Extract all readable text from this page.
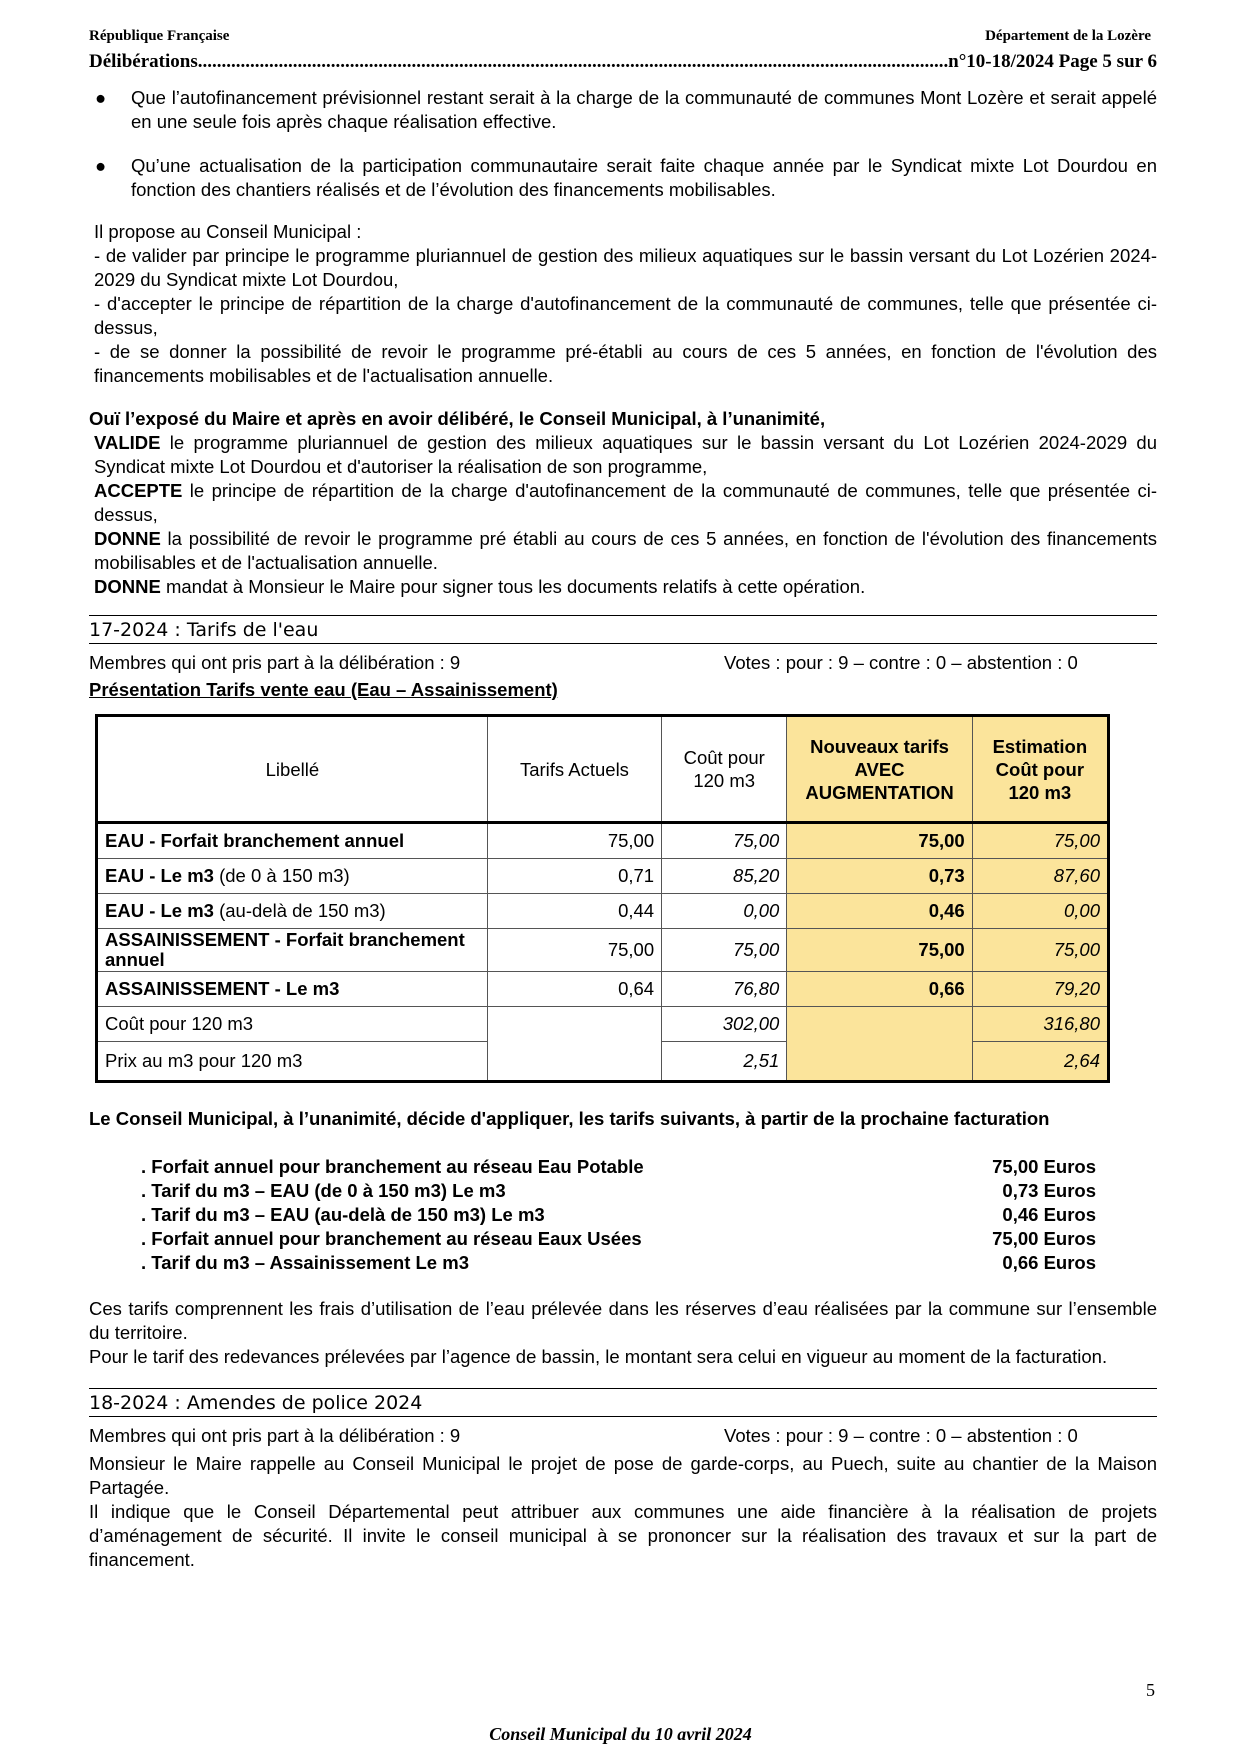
République Française	Département de la Lozère
Délibérations .....	n°10-18/2024 Page 5 sur 6
● Que l’autofinancement prévisionnel restant serait à la charge de la communauté de communes Mont Lozère et serait appelé en une seule fois après chaque réalisation effective.
● Qu’une actualisation de la participation communautaire serait faite chaque année par le Syndicat mixte Lot Dourdou en fonction des chantiers réalisés et de l’évolution des financements mobilisables.

Il propose au Conseil Municipal :

- de valider par principe le programme pluriannuel de gestion des milieux aquatiques sur le bassin versant du Lot Lozérien 2024-2029 du Syndicat mixte Lot Dourdou,

- d'accepter le principe de répartition de la charge d'autofinancement de la communauté de communes, telle que présentée ci-dessus,

- de se donner la possibilité de revoir le programme pré-établi au cours de ces 5 années, en fonction de l'évolution des financements mobilisables et de l'actualisation annuelle.

Ouï l’exposé du Maire et après en avoir délibéré, le Conseil Municipal, à l’unanimité,

VALIDE le programme pluriannuel de gestion des milieux aquatiques sur le bassin versant du Lot Lozérien 2024-2029 du Syndicat mixte Lot Dourdou et d'autoriser la réalisation de son programme,

ACCEPTE le principe de répartition de la charge d'autofinancement de la communauté de communes, telle que présentée ci-dessus,

DONNE la possibilité de revoir le programme pré établi au cours de ces 5 années, en fonction de l'évolution des financements mobilisables et de l'actualisation annuelle.

DONNE mandat à Monsieur le Maire pour signer tous les documents relatifs à cette opération.

17-2024 : Tarifs de l'eau
Membres qui ont pris part à la délibération : 9	Votes : pour : 9 – contre : 0 – abstention : 0
Présentation Tarifs vente eau (Eau – Assainissement)
Libellé	Tarifs Actuels	Coût pour 120 m3	Nouveaux tarifs AVEC AUGMENTATION	Estimation Coût pour 120 m3
EAU - Forfait branchement annuel	75,00	75,00	75,00	75,00
EAU - Le m3 (de 0 à 150 m3)	0,71	85,20	0,73	87,60
EAU - Le m3 (au-delà de 150 m3)	0,44	0,00	0,46	0,00
ASSAINISSEMENT - Forfait branchement annuel	75,00	75,00	75,00	75,00
ASSAINISSEMENT - Le m3	0,64	76,80	0,66	79,20
Coût pour 120 m3		302,00		316,80
Prix au m3 pour 120 m3		2,51		2,64

Le Conseil Municipal, à l’unanimité, décide d'appliquer, les tarifs suivants, à partir de la prochaine facturation

. Forfait annuel pour branchement au réseau Eau Potable	75,00 Euros
. Tarif du m3 – EAU (de 0 à 150 m3) Le m3	0,73 Euros
. Tarif du m3 – EAU (au-delà de 150 m3) Le m3	0,46 Euros
. Forfait annuel pour branchement au réseau Eaux Usées	75,00 Euros
. Tarif du m3 – Assainissement Le m3	0,66 Euros

Ces tarifs comprennent les frais d’utilisation de l’eau prélevée dans les réserves d’eau réalisées par la commune sur l’ensemble du territoire.

Pour le tarif des redevances prélevées par l’agence de bassin, le montant sera celui en vigueur au moment de la facturation.

18-2024 : Amendes de police 2024
Membres qui ont pris part à la délibération : 9	Votes : pour : 9 – contre : 0 – abstention : 0

Monsieur le Maire rappelle au Conseil Municipal le projet de pose de garde-corps, au Puech, suite au chantier de la Maison Partagée.

Il indique que le Conseil Départemental peut attribuer aux communes une aide financière à la réalisation de projets d’aménagement de sécurité. Il invite le conseil municipal à se prononcer sur la réalisation des travaux et sur la part de financement.

5
Conseil Municipal du 10 avril 2024
